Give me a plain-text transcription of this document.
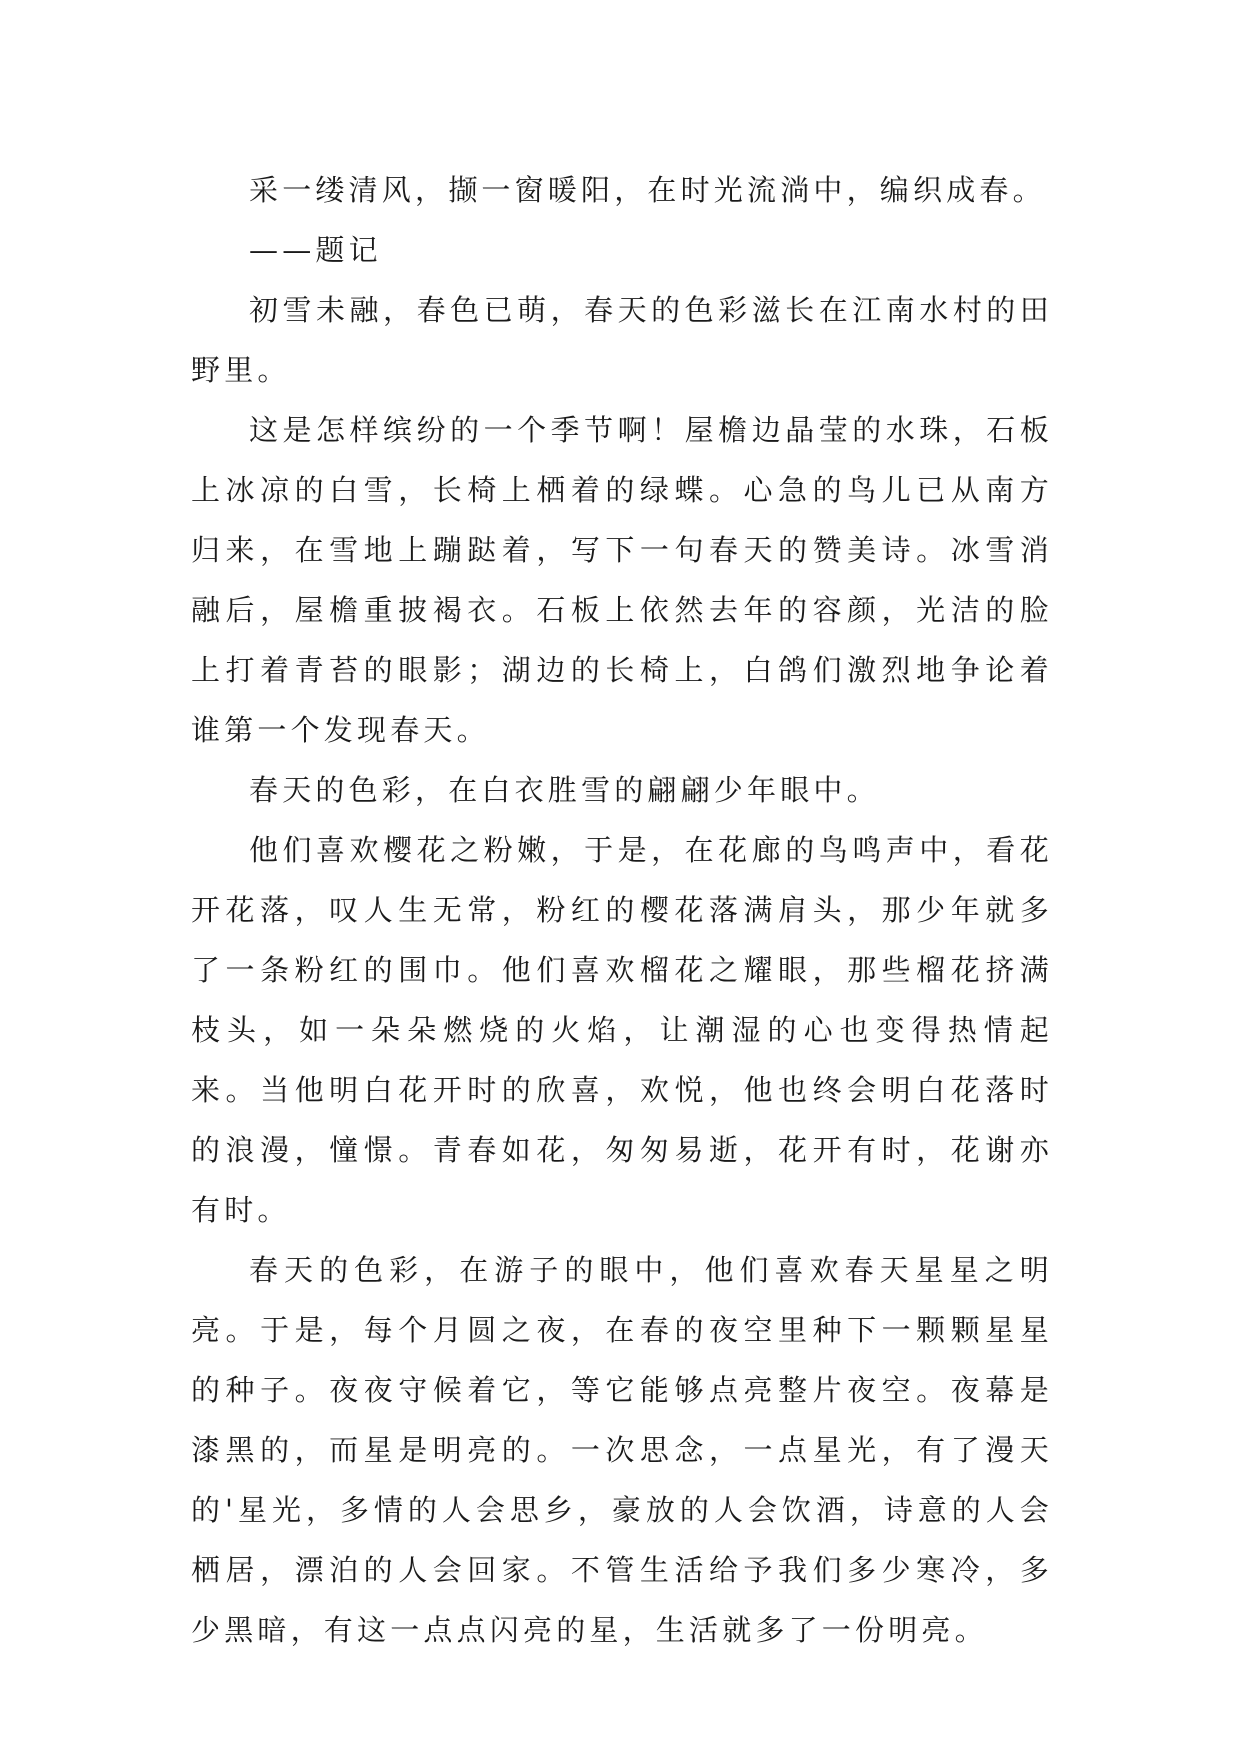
采一缕清风，撷一窗暖阳，在时光流淌中，编织成春。

——题记

初雪未融，春色已萌，春天的色彩滋长在江南水村的田野里。

这是怎样缤纷的一个季节啊！屋檐边晶莹的水珠，石板上冰凉的白雪，长椅上栖着的绿蝶。心急的鸟儿已从南方归来，在雪地上蹦跶着，写下一句春天的赞美诗。冰雪消融后，屋檐重披褐衣。石板上依然去年的容颜，光洁的脸上打着青苔的眼影；湖边的长椅上，白鸽们激烈地争论着谁第一个发现春天。

春天的色彩，在白衣胜雪的翩翩少年眼中。

他们喜欢樱花之粉嫩，于是，在花廊的鸟鸣声中，看花开花落，叹人生无常，粉红的樱花落满肩头，那少年就多了一条粉红的围巾。他们喜欢榴花之耀眼，那些榴花挤满枝头，如一朵朵燃烧的火焰，让潮湿的心也变得热情起来。当他明白花开时的欣喜，欢悦，他也终会明白花落时的浪漫，憧憬。青春如花，匆匆易逝，花开有时，花谢亦有时。

春天的色彩，在游子的眼中，他们喜欢春天星星之明亮。于是，每个月圆之夜，在春的夜空里种下一颗颗星星的种子。夜夜守候着它，等它能够点亮整片夜空。夜幕是漆黑的，而星是明亮的。一次思念，一点星光，有了漫天的'星光，多情的人会思乡，豪放的人会饮酒，诗意的人会栖居，漂泊的人会回家。不管生活给予我们多少寒冷，多少黑暗，有这一点点闪亮的星，生活就多了一份明亮。
